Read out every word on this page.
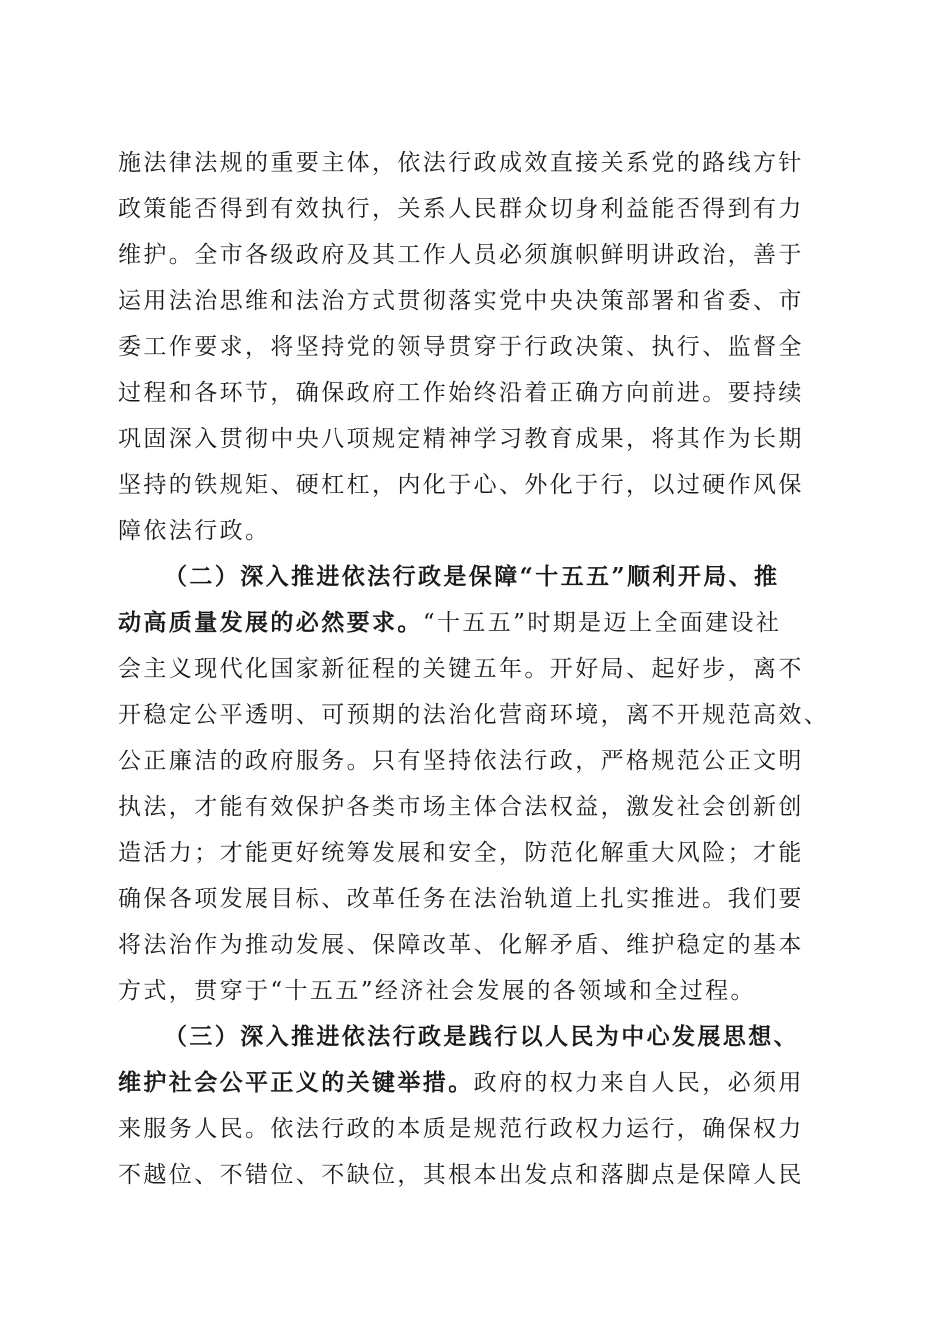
施法律法规的重要主体，依法行政成效直接关系党的路线方针
政策能否得到有效执行，关系人民群众切身利益能否得到有力
维护。全市各级政府及其工作人员必须旗帜鲜明讲政治，善于
运用法治思维和法治方式贯彻落实党中央决策部署和省委、市
委工作要求，将坚持党的领导贯穿于行政决策、执行、监督全
过程和各环节，确保政府工作始终沿着正确方向前进。要持续
巩固深入贯彻中央八项规定精神学习教育成果，将其作为长期
坚持的铁规矩、硬杠杠，内化于心、外化于行，以过硬作风保
障依法行政。
（二）深入推进依法行政是保障“十五五”顺利开局、推
动高质量发展的必然要求。“十五五”时期是迈上全面建设社
会主义现代化国家新征程的关键五年。开好局、起好步，离不
开稳定公平透明、可预期的法治化营商环境，离不开规范高效、
公正廉洁的政府服务。只有坚持依法行政，严格规范公正文明
执法，才能有效保护各类市场主体合法权益，激发社会创新创
造活力；才能更好统筹发展和安全，防范化解重大风险；才能
确保各项发展目标、改革任务在法治轨道上扎实推进。我们要
将法治作为推动发展、保障改革、化解矛盾、维护稳定的基本
方式，贯穿于“十五五”经济社会发展的各领域和全过程。
（三）深入推进依法行政是践行以人民为中心发展思想、
维护社会公平正义的关键举措。政府的权力来自人民，必须用
来服务人民。依法行政的本质是规范行政权力运行，确保权力
不越位、不错位、不缺位，其根本出发点和落脚点是保障人民
